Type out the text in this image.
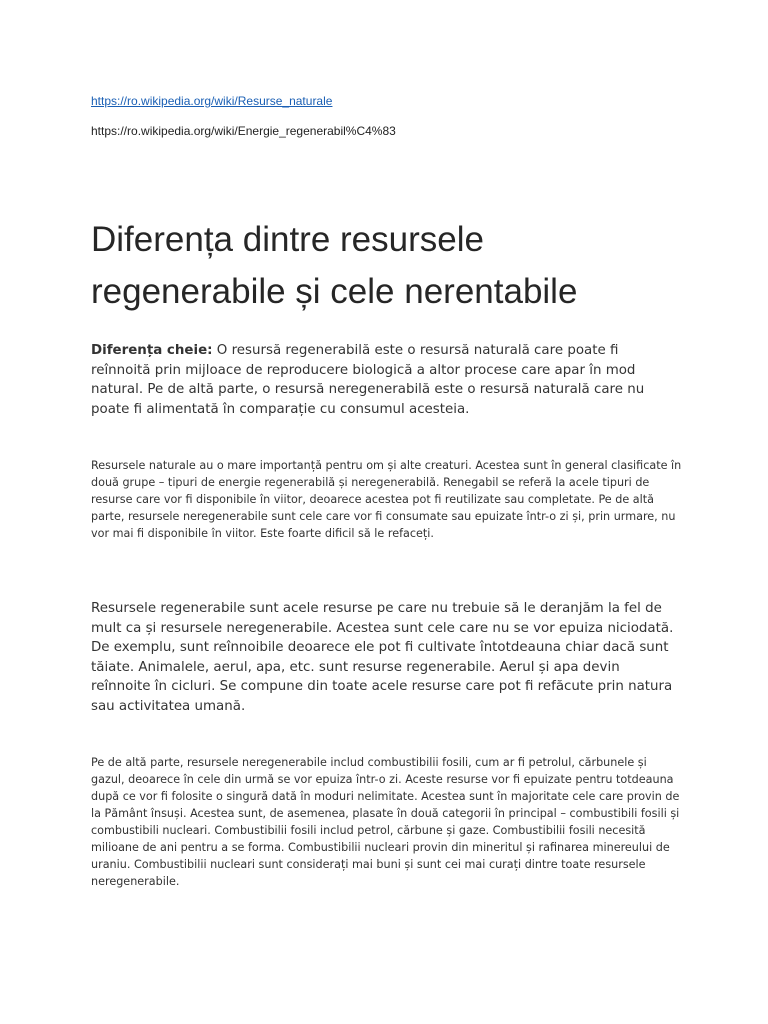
https://ro.wikipedia.org/wiki/Resurse_naturale
https://ro.wikipedia.org/wiki/Energie_regenerabil%C4%83
Diferența dintre resursele regenerabile și cele nerentabile

Diferența cheie: O resursă regenerabilă este o resursă naturală care poate fi reînnoită prin mijloace de reproducere biologică a altor procese care apar în mod natural. Pe de altă parte, o resursă neregenerabilă este o resursă naturală care nu poate fi alimentată în comparație cu consumul acesteia.

Resursele naturale au o mare importanță pentru om și alte creaturi. Acestea sunt în general clasificate în două grupe – tipuri de energie regenerabilă și neregenerabilă. Renegabil se referă la acele tipuri de resurse care vor fi disponibile în viitor, deoarece acestea pot fi reutilizate sau completate. Pe de altă parte, resursele neregenerabile sunt cele care vor fi consumate sau epuizate într-o zi și, prin urmare, nu vor mai fi disponibile în viitor. Este foarte dificil să le refaceți.

Resursele regenerabile sunt acele resurse pe care nu trebuie să le deranjăm la fel de mult ca și resursele neregenerabile. Acestea sunt cele care nu se vor epuiza niciodată. De exemplu, sunt reînnoibile deoarece ele pot fi cultivate întotdeauna chiar dacă sunt tăiate. Animalele, aerul, apa, etc. sunt resurse regenerabile. Aerul și apa devin reînnoite în cicluri. Se compune din toate acele resurse care pot fi refăcute prin natura sau activitatea umană.

Pe de altă parte, resursele neregenerabile includ combustibilii fosili, cum ar fi petrolul, cărbunele și gazul, deoarece în cele din urmă se vor epuiza într-o zi. Aceste resurse vor fi epuizate pentru totdeauna după ce vor fi folosite o singură dată în moduri nelimitate. Acestea sunt în majoritate cele care provin de la Pământ însuși. Acestea sunt, de asemenea, plasate în două categorii în principal – combustibili fosili și combustibili nucleari. Combustibilii fosili includ petrol, cărbune și gaze. Combustibilii fosili necesită milioane de ani pentru a se forma. Combustibilii nucleari provin din mineritul și rafinarea minereului de uraniu. Combustibilii nucleari sunt considerați mai buni și sunt cei mai curați dintre toate resursele neregenerabile.
